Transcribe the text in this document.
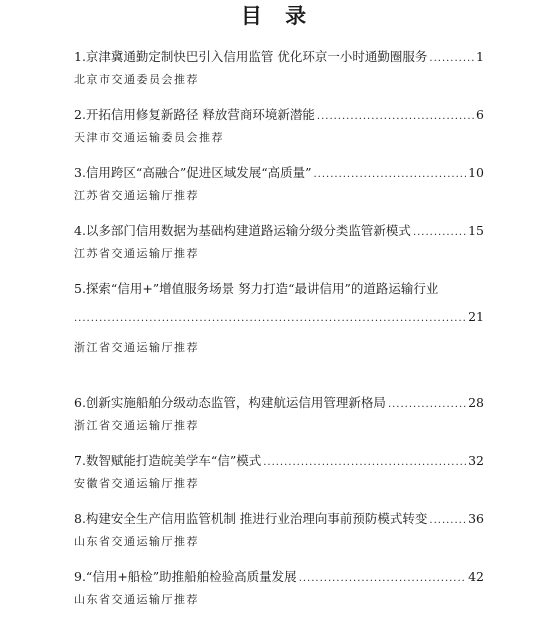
目 录
1.京津冀通勤定制快巴引入信用监管 优化环京一小时通勤圈服务 .....	1
北京市交通委员会推荐
2.开拓信用修复新路径 释放营商环境新潜能 .....	6
天津市交通运输委员会推荐
3.信用跨区“高融合”促进区域发展“高质量” .....	10
江苏省交通运输厅推荐
4.以多部门信用数据为基础构建道路运输分级分类监管新模式 .....	15
江苏省交通运输厅推荐
5.探索“信用+”增值服务场景 努力打造“最讲信用”的道路运输行业
.....
21
浙江省交通运输厅推荐
6.创新实施船舶分级动态监管，构建航运信用管理新格局 .....	28
浙江省交通运输厅推荐
7.数智赋能打造皖美学车“信”模式 .....	32
安徽省交通运输厅推荐
8.构建安全生产信用监管机制 推进行业治理向事前预防模式转变 .....	36
山东省交通运输厅推荐
9.“信用+船检”助推船舶检验高质量发展 .....	42
山东省交通运输厅推荐
